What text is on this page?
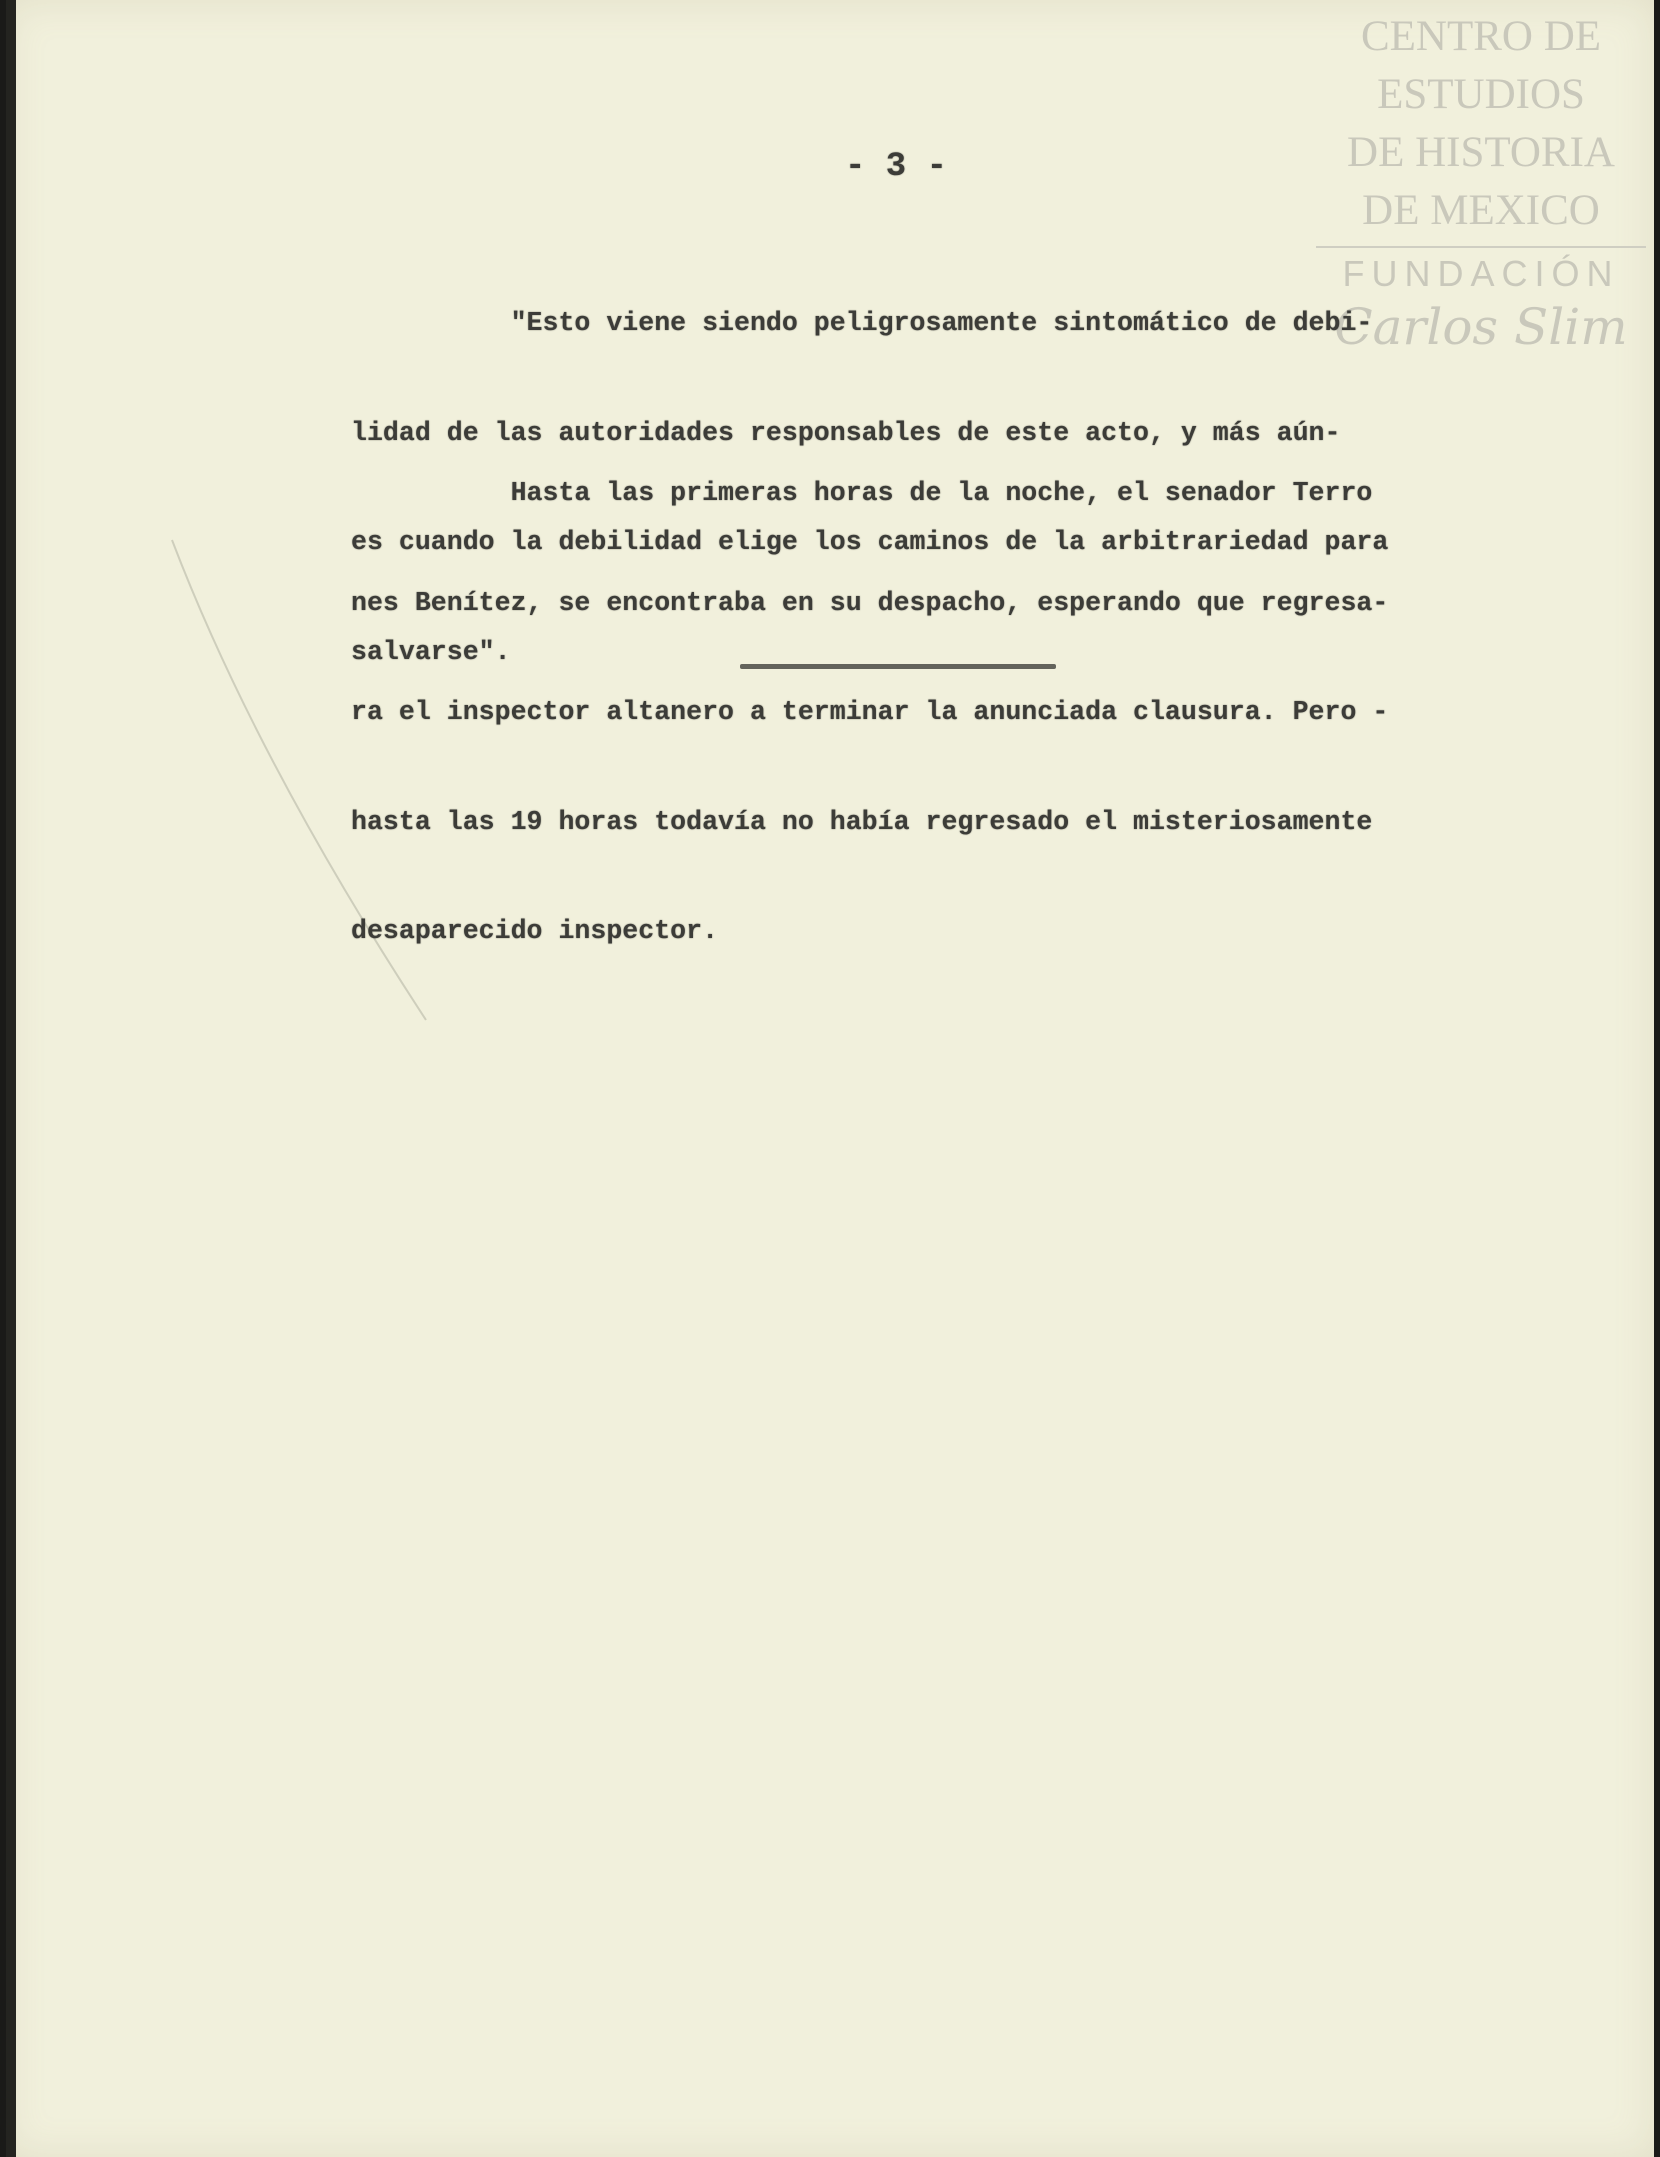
CENTRO DE
ESTUDIOS
DE HISTORIA
DE MEXICO
FUNDACIÓN
Carlos Slim
- 3 -

"Esto viene siendo peligrosamente sintomático de debi-

lidad de las autoridades responsables de este acto, y más aún-

es cuando la debilidad elige los caminos de la arbitrariedad para

salvarse".

Hasta las primeras horas de la noche, el senador Terro

nes Benítez, se encontraba en su despacho, esperando que regresa-

ra el inspector altanero a terminar la anunciada clausura. Pero -

hasta las 19 horas todavía no había regresado el misteriosamente

desaparecido inspector.
